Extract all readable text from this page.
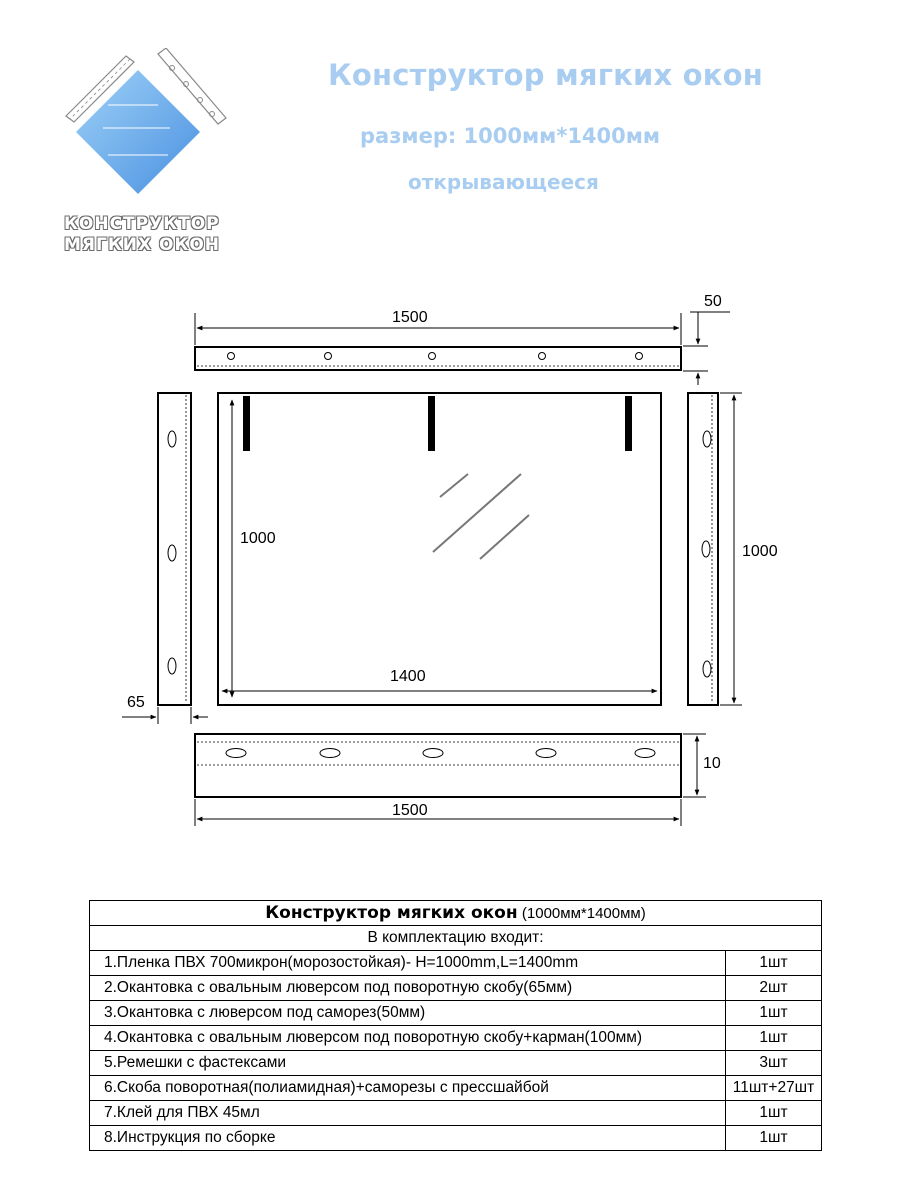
КОНСТРУКТОР
МЯГКИХ ОКОН
Конструктор мягких окон
размер: 1000мм*1400мм
открывающееся
1500
50
65
1000
1400
1000
10
1500
Конструктор мягких окон (1000мм*1400мм)	
В комплектацию входит:	
1.Пленка ПВХ 700микрон(морозостойкая)- H=1000mm,L=1400mm	1шт
2.Окантовка с овальным люверсом под поворотную скобу(65мм)	2шт
3.Окантовка с люверсом под саморез(50мм)	1шт
4.Окантовка с овальным люверсом под поворотную скобу+карман(100мм)	1шт
5.Ремешки с фастексами	3шт
6.Скоба поворотная(полиамидная)+саморезы с прессшайбой	11шт+27шт
7.Клей для ПВХ 45мл	1шт
8.Инструкция по сборке	1шт
